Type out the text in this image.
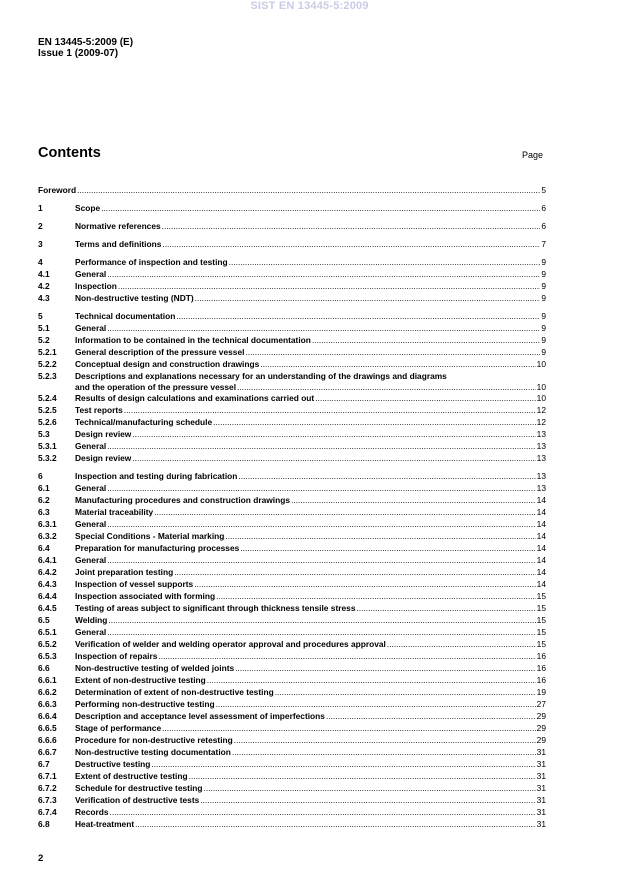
SIST EN 13445-5:2009
EN 13445-5:2009 (E)
Issue 1 (2009-07)
Contents	Page
Foreword .....	5
1	Scope .....	6
2	Normative references .....	6
3	Terms and definitions .....	7
4	Performance of inspection and testing .....	9
4.1	General .....	9
4.2	Inspection .....	9
4.3	Non-destructive testing (NDT) .....	9
5	Technical documentation .....	9
5.1	General .....	9
5.2	Information to be contained in the technical documentation .....	9
5.2.1	General description of the pressure vessel .....	9
5.2.2	Conceptual design and construction drawings .....	10
5.2.3	Descriptions and explanations necessary for an understanding of the drawings and diagrams
and the operation of the pressure vessel .....	10
5.2.4	Results of design calculations and examinations carried out .....	10
5.2.5	Test reports .....	12
5.2.6	Technical/manufacturing schedule .....	12
5.3	Design review .....	13
5.3.1	General .....	13
5.3.2	Design review .....	13
6	Inspection and testing during fabrication .....	13
6.1	General .....	13
6.2	Manufacturing procedures and construction drawings .....	14
6.3	Material traceability .....	14
6.3.1	General .....	14
6.3.2	Special Conditions - Material marking .....	14
6.4	Preparation for manufacturing processes .....	14
6.4.1	General .....	14
6.4.2	Joint preparation testing .....	14
6.4.3	Inspection of vessel supports .....	14
6.4.4	Inspection associated with forming .....	15
6.4.5	Testing of areas subject to significant through thickness tensile stress .....	15
6.5	Welding .....	15
6.5.1	General .....	15
6.5.2	Verification of welder and welding operator approval and procedures approval .....	15
6.5.3	Inspection of repairs .....	16
6.6	Non-destructive testing of welded joints .....	16
6.6.1	Extent of non-destructive testing .....	16
6.6.2	Determination of extent of non-destructive testing .....	19
6.6.3	Performing non-destructive testing .....	27
6.6.4	Description and acceptance level assessment of imperfections .....	29
6.6.5	Stage of performance .....	29
6.6.6	Procedure for non-destructive retesting .....	29
6.6.7	Non-destructive testing documentation .....	31
6.7	Destructive testing .....	31
6.7.1	Extent of destructive testing .....	31
6.7.2	Schedule for destructive testing .....	31
6.7.3	Verification of destructive tests .....	31
6.7.4	Records .....	31
6.8	Heat-treatment .....	31
2
